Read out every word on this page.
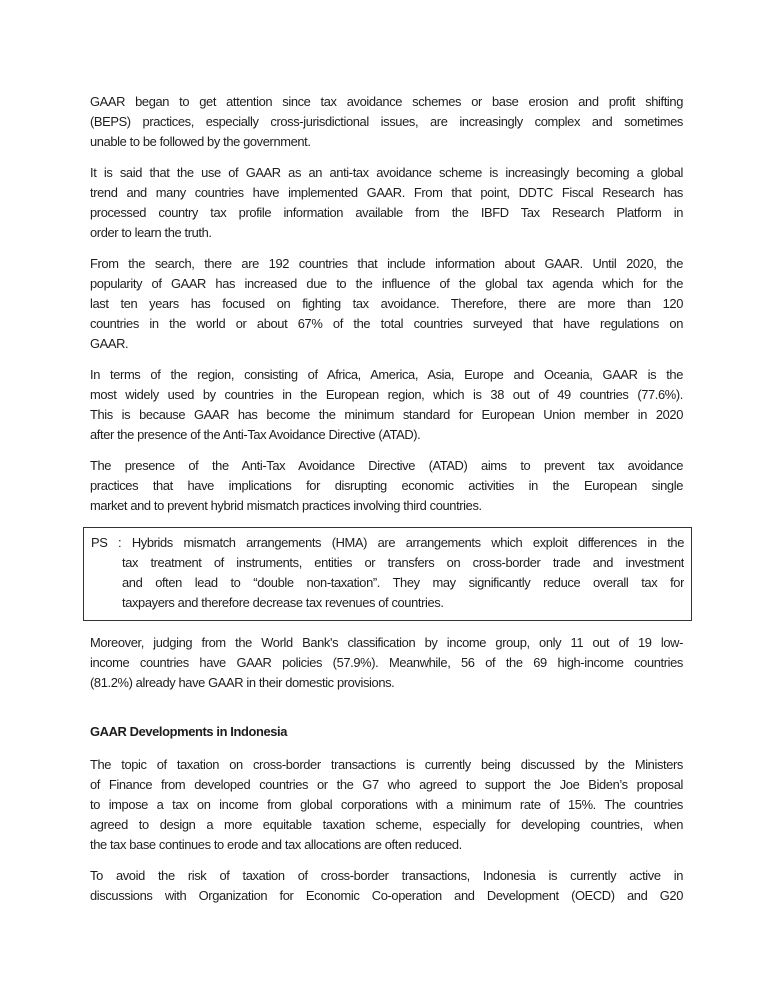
GAAR began to get attention since tax avoidance schemes or base erosion and profit shifting
(BEPS) practices, especially cross-jurisdictional issues, are increasingly complex and sometimes
unable to be followed by the government.
It is said that the use of GAAR as an anti-tax avoidance scheme is increasingly becoming a global
trend and many countries have implemented GAAR. From that point, DDTC Fiscal Research has
processed country tax profile information available from the IBFD Tax Research Platform in
order to learn the truth.
From the search, there are 192 countries that include information about GAAR. Until 2020, the
popularity of GAAR has increased due to the influence of the global tax agenda which for the
last ten years has focused on fighting tax avoidance. Therefore, there are more than 120
countries in the world or about 67% of the total countries surveyed that have regulations on
GAAR.
In terms of the region, consisting of Africa, America, Asia, Europe and Oceania, GAAR is the
most widely used by countries in the European region, which is 38 out of 49 countries (77.6%).
This is because GAAR has become the minimum standard for European Union member in 2020
after the presence of the Anti-Tax Avoidance Directive (ATAD).
The presence of the Anti-Tax Avoidance Directive (ATAD) aims to prevent tax avoidance
practices that have implications for disrupting economic activities in the European single
market and to prevent hybrid mismatch practices involving third countries.
PS : Hybrids mismatch arrangements (HMA) are arrangements which exploit differences in the
tax treatment of instruments, entities or transfers on cross-border trade and investment
and often lead to “double non-taxation”. They may significantly reduce overall tax for
taxpayers and therefore decrease tax revenues of countries.
Moreover, judging from the World Bank's classification by income group, only 11 out of 19 low-
income countries have GAAR policies (57.9%). Meanwhile, 56 of the 69 high-income countries
(81.2%) already have GAAR in their domestic provisions.
GAAR Developments in Indonesia
The topic of taxation on cross-border transactions is currently being discussed by the Ministers
of Finance from developed countries or the G7 who agreed to support the Joe Biden’s proposal
to impose a tax on income from global corporations with a minimum rate of 15%. The countries
agreed to design a more equitable taxation scheme, especially for developing countries, when
the tax base continues to erode and tax allocations are often reduced.
To avoid the risk of taxation of cross-border transactions, Indonesia is currently active in
discussions with Organization for Economic Co-operation and Development (OECD) and G20
